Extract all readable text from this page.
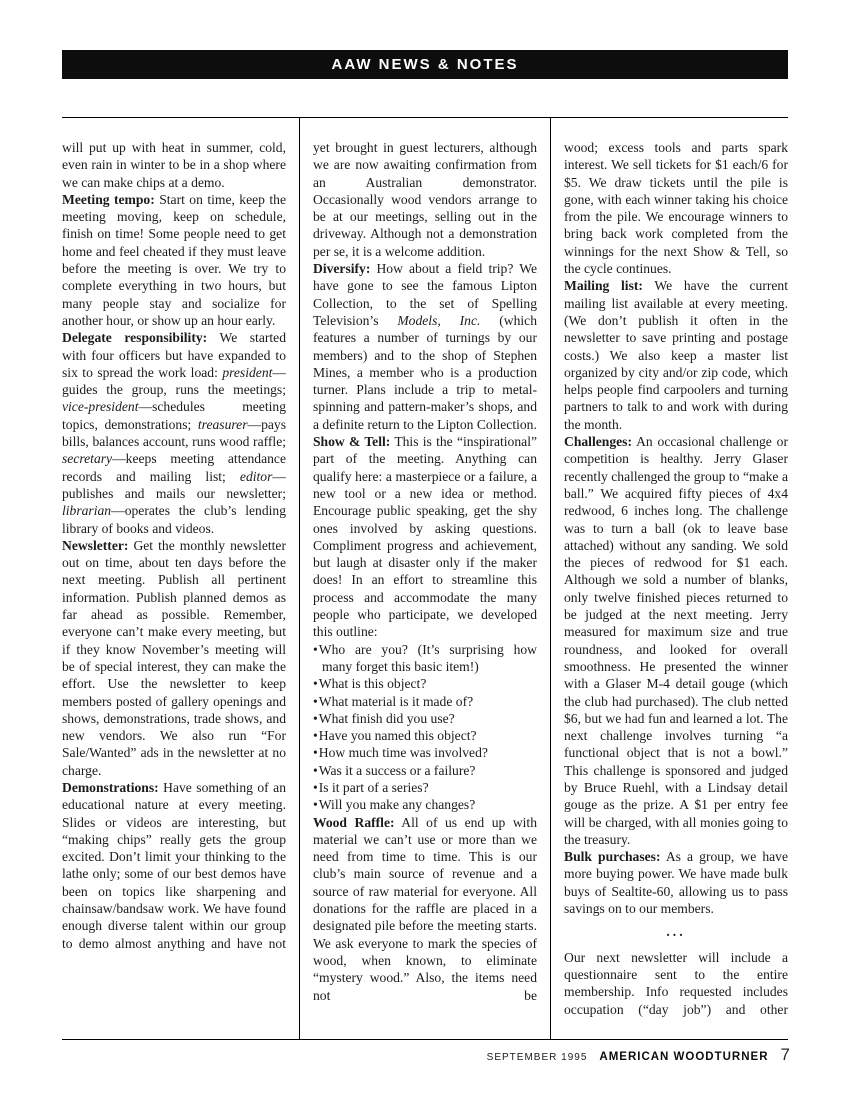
AAW NEWS & NOTES

will put up with heat in summer, cold, even rain in winter to be in a shop where we can make chips at a demo.

Meeting tempo: Start on time, keep the meeting moving, keep on schedule, finish on time! Some people need to get home and feel cheated if they must leave before the meeting is over. We try to complete everything in two hours, but many people stay and socialize for another hour, or show up an hour early.

Delegate responsibility: We started with four officers but have expanded to six to spread the work load: president—guides the group, runs the meetings; vice-president—schedules meeting topics, demonstrations; treasurer—pays bills, balances account, runs wood raffle; secretary—keeps meeting attendance records and mailing list; editor—publishes and mails our newsletter; librarian—operates the club’s lending library of books and videos.

Newsletter: Get the monthly newsletter out on time, about ten days before the next meeting. Publish all pertinent information. Publish planned demos as far ahead as possible. Remember, everyone can’t make every meeting, but if they know November’s meeting will be of special interest, they can make the effort. Use the newsletter to keep members posted of gallery openings and shows, demonstrations, trade shows, and new vendors. We also run “For Sale/Wanted” ads in the newsletter at no charge.

Demonstrations: Have something of an educational nature at every meeting. Slides or videos are interesting, but “making chips” really gets the group excited. Don’t limit your thinking to the lathe only; some of our best demos have been on topics like sharpening and chainsaw/bandsaw work. We have found enough diverse talent within our group to demo almost anything and have not

yet brought in guest lecturers, although we are now awaiting confirmation from an Australian demonstrator. Occasionally wood vendors arrange to be at our meetings, selling out in the driveway. Although not a demonstration per se, it is a welcome addition.

Diversify: How about a field trip? We have gone to see the famous Lipton Collection, to the set of Spelling Television’s Models, Inc. (which features a number of turnings by our members) and to the shop of Stephen Mines, a member who is a production turner. Plans include a trip to metal-spinning and pattern-maker’s shops, and a definite return to the Lipton Collection.

Show & Tell: This is the “inspirational” part of the meeting. Anything can qualify here: a masterpiece or a failure, a new tool or a new idea or method. Encourage public speaking, get the shy ones involved by asking questions. Compliment progress and achievement, but laugh at disaster only if the maker does! In an effort to streamline this process and accommodate the many people who participate, we developed this outline:

•Who are you? (It’s surprising how many forget this basic item!)

•What is this object?

•What material is it made of?

•What finish did you use?

•Have you named this object?

•How much time was involved?

•Was it a success or a failure?

•Is it part of a series?

•Will you make any changes?

Wood Raffle: All of us end up with material we can’t use or more than we need from time to time. This is our club’s main source of revenue and a source of raw material for everyone. All donations for the raffle are placed in a designated pile before the meeting starts. We ask everyone to mark the species of wood, when known, to eliminate “mystery wood.” Also, the items need not be

wood; excess tools and parts spark interest. We sell tickets for $1 each/6 for $5. We draw tickets until the pile is gone, with each winner taking his choice from the pile. We encourage winners to bring back work completed from the winnings for the next Show & Tell, so the cycle continues.

Mailing list: We have the current mailing list available at every meeting. (We don’t publish it often in the newsletter to save printing and postage costs.) We also keep a master list organized by city and/or zip code, which helps people find carpoolers and turning partners to talk to and work with during the month.

Challenges: An occasional challenge or competition is healthy. Jerry Glaser recently challenged the group to “make a ball.” We acquired fifty pieces of 4x4 redwood, 6 inches long. The challenge was to turn a ball (ok to leave base attached) without any sanding. We sold the pieces of redwood for $1 each. Although we sold a number of blanks, only twelve finished pieces returned to be judged at the next meeting. Jerry measured for maximum size and true roundness, and looked for overall smoothness. He presented the winner with a Glaser M-4 detail gouge (which the club had purchased). The club netted $6, but we had fun and learned a lot. The next challenge involves turning “a functional object that is not a bowl.” This challenge is sponsored and judged by Bruce Ruehl, with a Lindsay detail gouge as the prize. A $1 per entry fee will be charged, with all monies going to the treasury.

Bulk purchases: As a group, we have more buying power. We have made bulk buys of Sealtite-60, allowing us to pass savings on to our members.

...

Our next newsletter will include a questionnaire sent to the entire membership. Info requested includes occupation (“day job”) and other

SEPTEMBER 1995 AMERICAN WOODTURNER 7
